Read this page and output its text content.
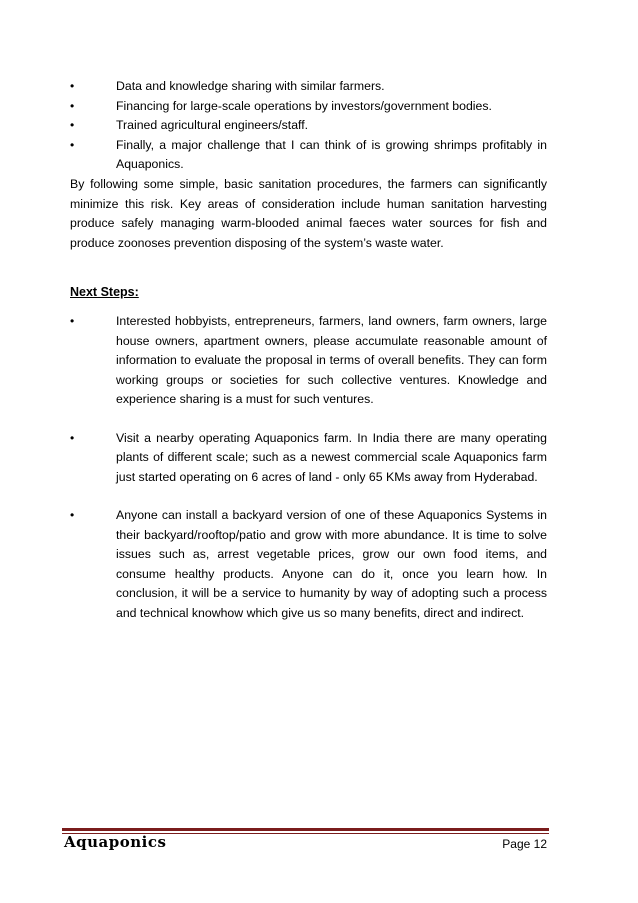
•	Data and knowledge sharing with similar farmers.
•	Financing for large-scale operations by investors/government bodies.
•	Trained agricultural engineers/staff.
•	Finally, a major challenge that I can think of is growing shrimps profitably in Aquaponics.

By following some simple, basic sanitation procedures, the farmers can significantly minimize this risk. Key areas of consideration include human sanitation harvesting produce safely managing warm-blooded animal faeces water sources for fish and produce zoonoses prevention disposing of the system’s waste water.

Next Steps:
•	Interested hobbyists, entrepreneurs, farmers, land owners, farm owners, large house owners, apartment owners, please accumulate reasonable amount of information to evaluate the proposal in terms of overall benefits. They can form working groups or societies for such collective ventures. Knowledge and experience sharing is a must for such ventures.
•	Visit a nearby operating Aquaponics farm. In India there are many operating plants of different scale; such as a newest commercial scale Aquaponics farm just started operating on 6 acres of land - only 65 KMs away from Hyderabad.
•	Anyone can install a backyard version of one of these Aquaponics Systems in their backyard/rooftop/patio and grow with more abundance. It is time to solve issues such as, arrest vegetable prices, grow our own food items, and consume healthy products. Anyone can do it, once you learn how. In conclusion, it will be a service to humanity by way of adopting such a process and technical knowhow which give us so many benefits, direct and indirect.
Aquaponics	Page 12
